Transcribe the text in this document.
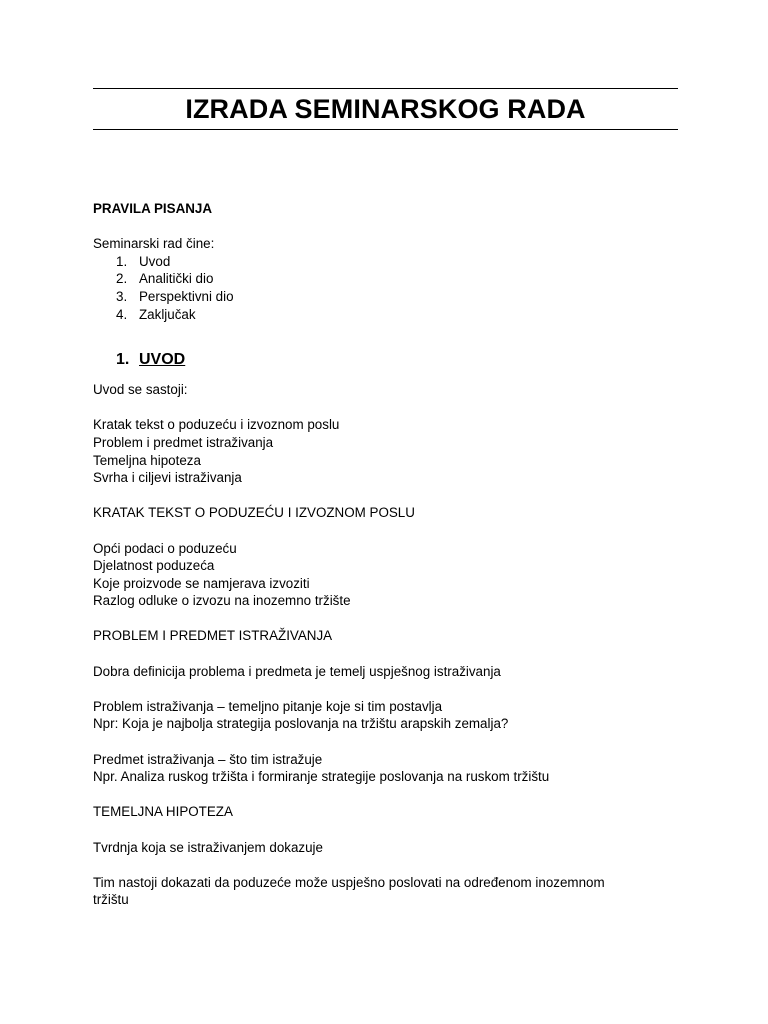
IZRADA SEMINARSKOG RADA

PRAVILA PISANJA

Seminarski rad čine:

1. Uvod
2. Analitički dio
3. Perspektivni dio
4. Zaključak
1. UVOD

Uvod se sastoji:

Kratak tekst o poduzeću i izvoznom poslu

Problem i predmet istraživanja

Temeljna hipoteza

Svrha i ciljevi istraživanja

KRATAK TEKST O PODUZEĆU I IZVOZNOM POSLU

Opći podaci o poduzeću

Djelatnost poduzeća

Koje proizvode se namjerava izvoziti

Razlog odluke o izvozu na inozemno tržište

PROBLEM I PREDMET ISTRAŽIVANJA

Dobra definicija problema i predmeta je temelj uspješnog istraživanja

Problem istraživanja – temeljno pitanje koje si tim postavlja

Npr: Koja je najbolja strategija poslovanja na tržištu arapskih zemalja?

Predmet istraživanja – što tim istražuje

Npr. Analiza ruskog tržišta i formiranje strategije poslovanja na ruskom tržištu

TEMELJNA HIPOTEZA

Tvrdnja koja se istraživanjem dokazuje

Tim nastoji dokazati da poduzeće može uspješno poslovati na određenom inozemnom

tržištu
